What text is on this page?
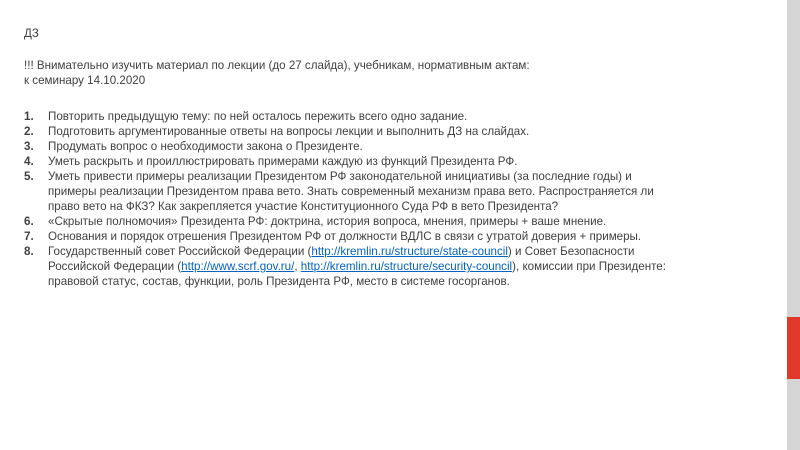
ДЗ

!!! Внимательно изучить материал по лекции (до 27 слайда), учебникам, нормативным актам:

к семинару 14.10.2020

1. Повторить предыдущую тему: по ней осталось пережить всего одно задание.
2. Подготовить аргументированные ответы на вопросы лекции и выполнить ДЗ на слайдах.
3. Продумать вопрос о необходимости закона о Президенте.
4. Уметь раскрыть и проиллюстрировать примерами каждую из функций Президента РФ.
5. Уметь привести примеры реализации Президентом РФ законодательной инициативы (за последние годы) и
примеры реализации Президентом права вето. Знать современный механизм права вето. Распространяется ли
право вето на ФКЗ? Как закрепляется участие Конституционного Суда РФ в вето Президента?
6. «Скрытые полномочия» Президента РФ: доктрина, история вопроса, мнения, примеры + ваше мнение.
7. Основания и порядок отрешения Президентом РФ от должности ВДЛС в связи с утратой доверия + примеры.
8. Государственный совет Российской Федерации (http://kremlin.ru/structure/state-council) и Совет Безопасности
Российской Федерации (http://www.scrf.gov.ru/, http://kremlin.ru/structure/security-council), комиссии при Президенте:
правовой статус, состав, функции, роль Президента РФ, место в системе госорганов.
